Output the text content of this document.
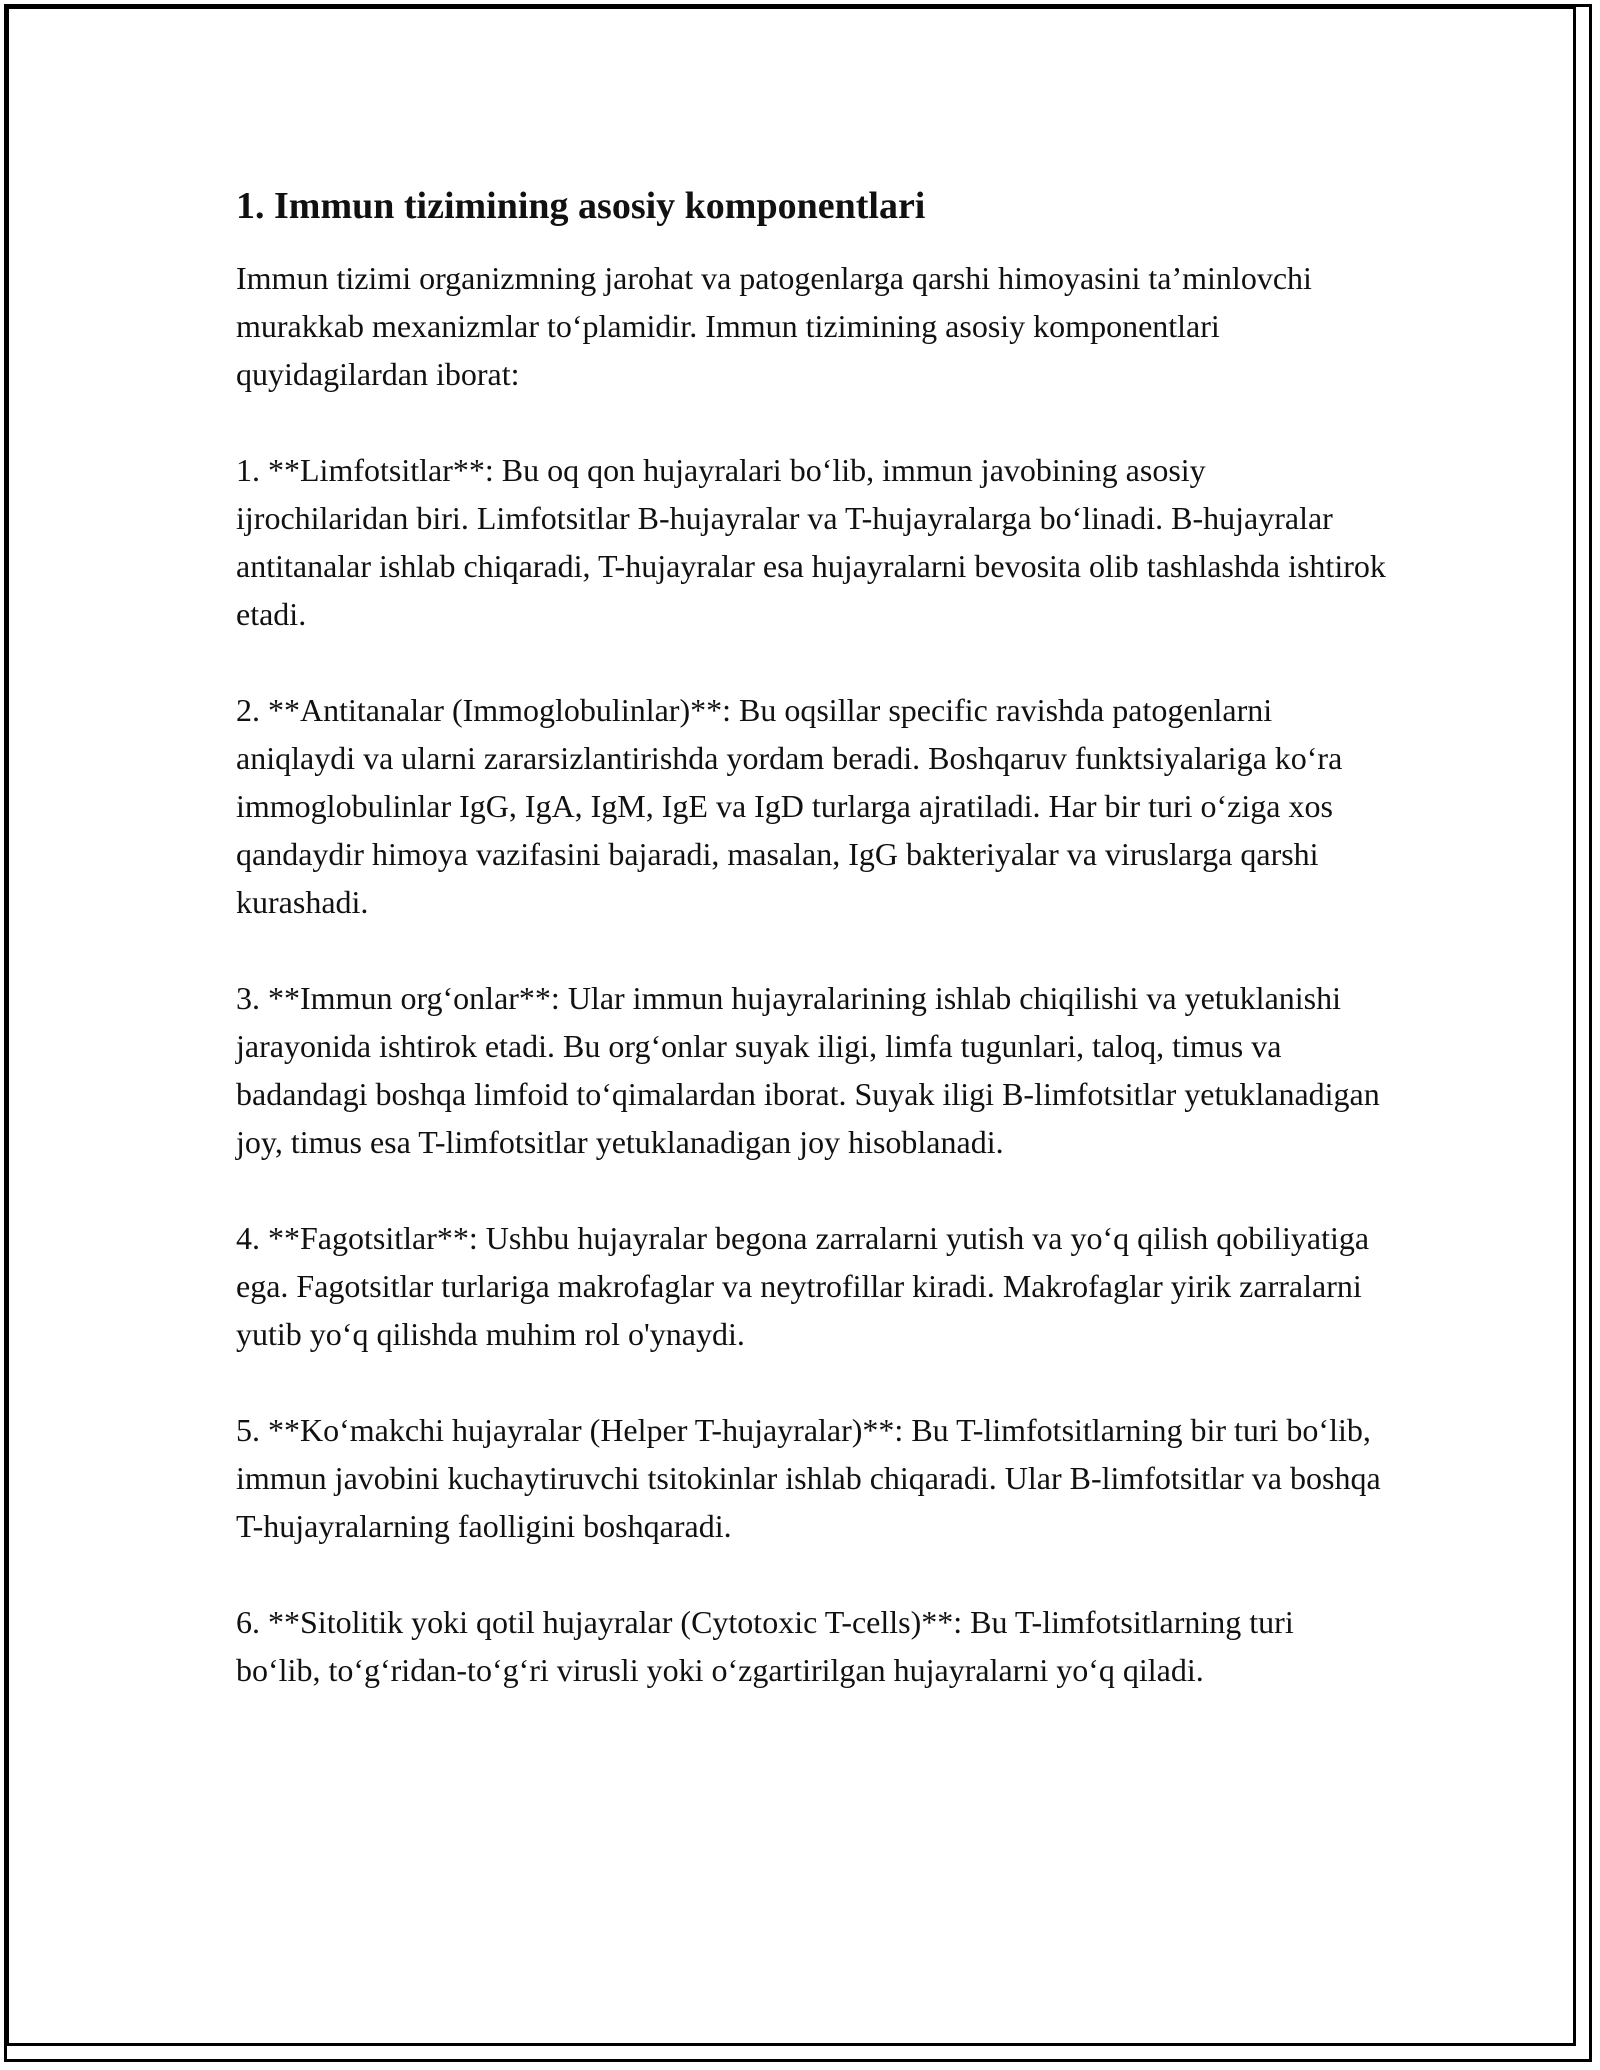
1. Immun tizimining asosiy komponentlari

Immun tizimi organizmning jarohat va patogenlarga qarshi himoyasini ta’minlovchi murakkab mexanizmlar to‘plamidir. Immun tizimining asosiy komponentlari quyidagilardan iborat:

1. **Limfotsitlar**: Bu oq qon hujayralari bo‘lib, immun javobining asosiy ijrochilaridan biri. Limfotsitlar B-hujayralar va T-hujayralarga bo‘linadi. B-hujayralar antitanalar ishlab chiqaradi, T-hujayralar esa hujayralarni bevosita olib tashlashda ishtirok etadi.

2. **Antitanalar (Immoglobulinlar)**: Bu oqsillar specific ravishda patogenlarni aniqlaydi va ularni zararsizlantirishda yordam beradi. Boshqaruv funktsiyalariga ko‘ra immoglobulinlar IgG, IgA, IgM, IgE va IgD turlarga ajratiladi. Har bir turi o‘ziga xos qandaydir himoya vazifasini bajaradi, masalan, IgG bakteriyalar va viruslarga qarshi kurashadi.

3. **Immun org‘onlar**: Ular immun hujayralarining ishlab chiqilishi va yetuklanishi jarayonida ishtirok etadi. Bu org‘onlar suyak iligi, limfa tugunlari, taloq, timus va badandagi boshqa limfoid to‘qimalardan iborat. Suyak iligi B-limfotsitlar yetuklanadigan joy, timus esa T-limfotsitlar yetuklanadigan joy hisoblanadi.

4. **Fagotsitlar**: Ushbu hujayralar begona zarralarni yutish va yo‘q qilish qobiliyatiga ega. Fagotsitlar turlariga makrofaglar va neytrofillar kiradi. Makrofaglar yirik zarralarni yutib yo‘q qilishda muhim rol o'ynaydi.

5. **Ko‘makchi hujayralar (Helper T-hujayralar)**: Bu T-limfotsitlarning bir turi bo‘lib, immun javobini kuchaytiruvchi tsitokinlar ishlab chiqaradi. Ular B-limfotsitlar va boshqa T-hujayralarning faolligini boshqaradi.

6. **Sitolitik yoki qotil hujayralar (Cytotoxic T-cells)**: Bu T-limfotsitlarning turi bo‘lib, to‘g‘ridan-to‘g‘ri virusli yoki o‘zgartirilgan hujayralarni yo‘q qiladi.
